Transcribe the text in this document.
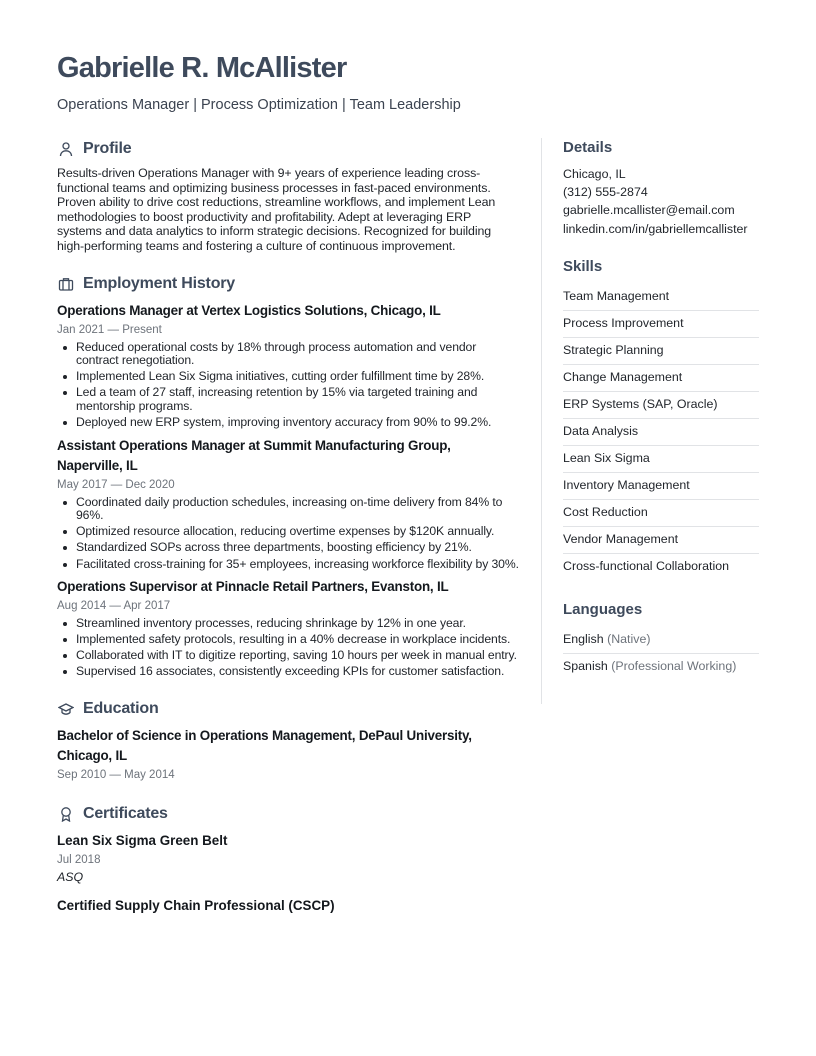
Gabrielle R. McAllister
Operations Manager | Process Optimization | Team Leadership
Profile

Results-driven Operations Manager with 9+ years of experience leading cross-functional teams and optimizing business processes in fast-paced environments. Proven ability to drive cost reductions, streamline workflows, and implement Lean methodologies to boost productivity and profitability. Adept at leveraging ERP systems and data analytics to inform strategic decisions. Recognized for building high-performing teams and fostering a culture of continuous improvement.

Employment History
Operations Manager at Vertex Logistics Solutions, Chicago, IL
Jan 2021 — Present
Reduced operational costs by 18% through process automation and vendor contract renegotiation.
Implemented Lean Six Sigma initiatives, cutting order fulfillment time by 28%.
Led a team of 27 staff, increasing retention by 15% via targeted training and mentorship programs.
Deployed new ERP system, improving inventory accuracy from 90% to 99.2%.
Assistant Operations Manager at Summit Manufacturing Group, Naperville, IL
May 2017 — Dec 2020
Coordinated daily production schedules, increasing on-time delivery from 84% to 96%.
Optimized resource allocation, reducing overtime expenses by $120K annually.
Standardized SOPs across three departments, boosting efficiency by 21%.
Facilitated cross-training for 35+ employees, increasing workforce flexibility by 30%.
Operations Supervisor at Pinnacle Retail Partners, Evanston, IL
Aug 2014 — Apr 2017
Streamlined inventory processes, reducing shrinkage by 12% in one year.
Implemented safety protocols, resulting in a 40% decrease in workplace incidents.
Collaborated with IT to digitize reporting, saving 10 hours per week in manual entry.
Supervised 16 associates, consistently exceeding KPIs for customer satisfaction.
Education
Bachelor of Science in Operations Management, DePaul University, Chicago, IL
Sep 2010 — May 2014
Certificates
Lean Six Sigma Green Belt
Jul 2018
ASQ
Certified Supply Chain Professional (CSCP)
Details
Chicago, IL
(312) 555-2874
gabrielle.mcallister@email.com
linkedin.com/in/gabriellemcallister
Skills
Team Management
Process Improvement
Strategic Planning
Change Management
ERP Systems (SAP, Oracle)
Data Analysis
Lean Six Sigma
Inventory Management
Cost Reduction
Vendor Management
Cross-functional Collaboration
Languages
English (Native)
Spanish (Professional Working)
